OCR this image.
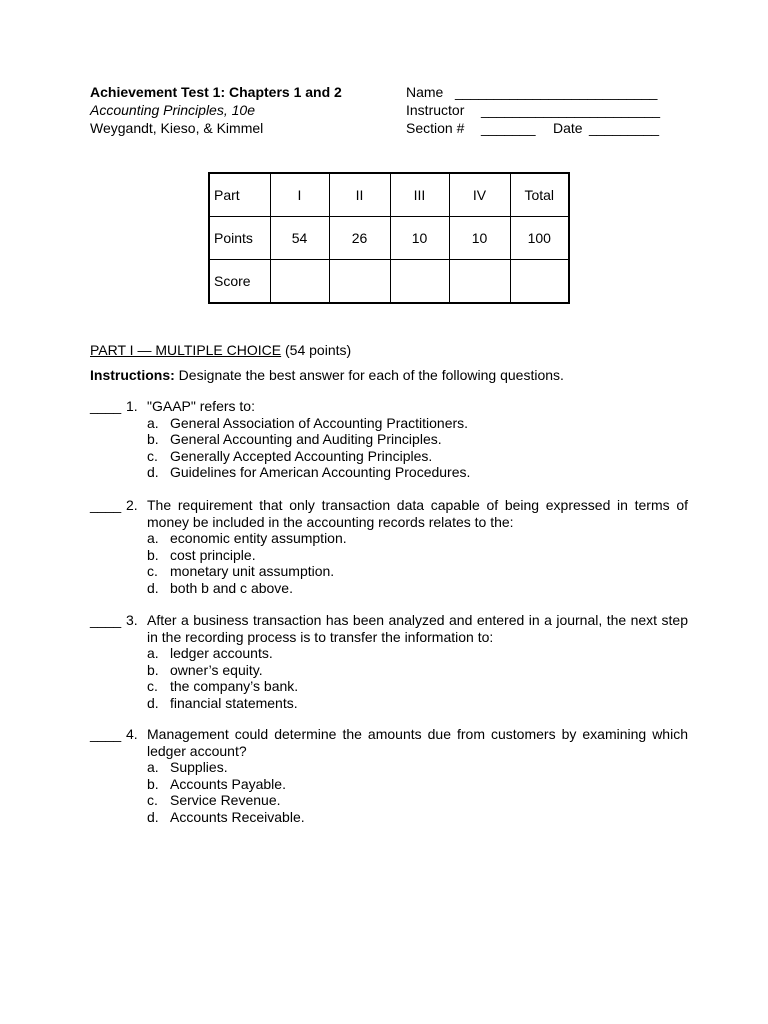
Achievement Test 1: Chapters 1 and 2
Accounting Principles, 10e
Weygandt, Kieso, & Kimmel
Name __________________________
Instructor _______________________
Section # _______ Date _________
Part	I	II	III	IV	Total
Points	54	26	10	10	100
Score					
PART I — MULTIPLE CHOICE (54 points)
Instructions: Designate the best answer for each of the following questions.
____ 1. "GAAP" refers to:
a. General Association of Accounting Practitioners.
b. General Accounting and Auditing Principles.
c. Generally Accepted Accounting Principles.
d. Guidelines for American Accounting Procedures.
____ 2. The requirement that only transaction data capable of being expressed in terms of money be included in the accounting records relates to the:
a. economic entity assumption.
b. cost principle.
c. monetary unit assumption.
d. both b and c above.
____ 3. After a business transaction has been analyzed and entered in a journal, the next step in the recording process is to transfer the information to:
a. ledger accounts.
b. owner’s equity.
c. the company’s bank.
d. financial statements.
____ 4. Management could determine the amounts due from customers by examining which ledger account?
a. Supplies.
b. Accounts Payable.
c. Service Revenue.
d. Accounts Receivable.
